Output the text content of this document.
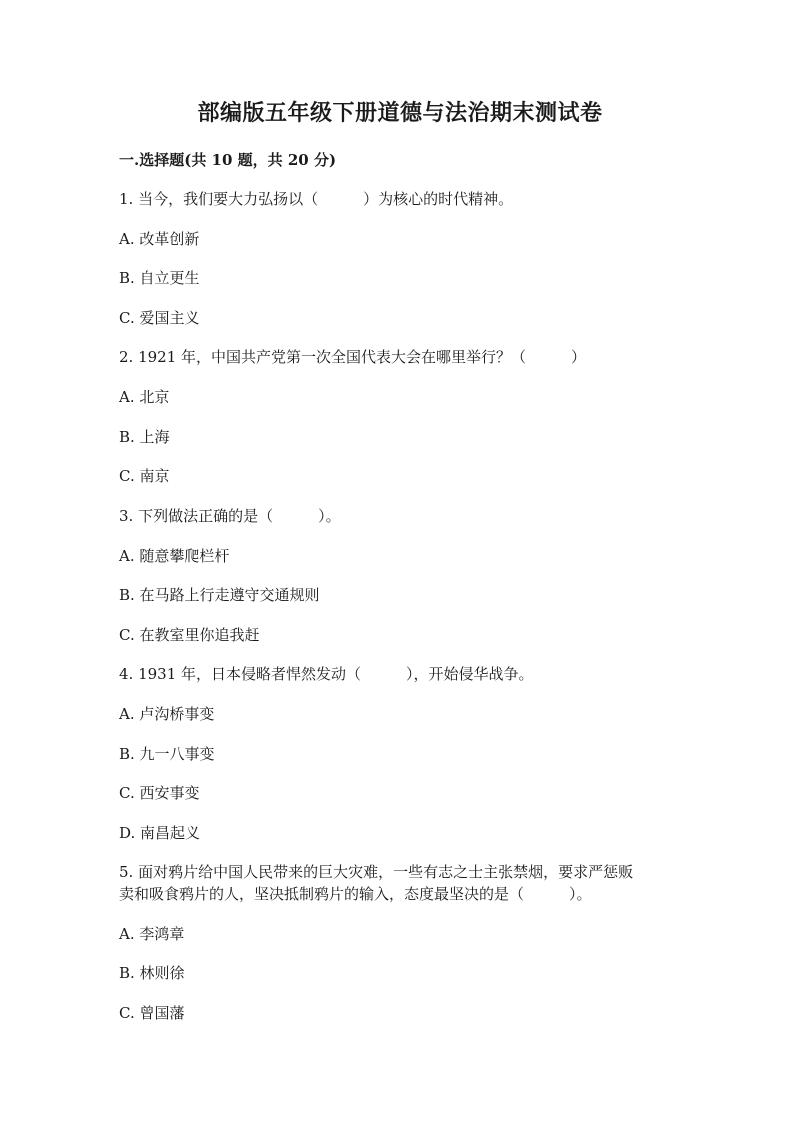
部编版五年级下册道德与法治期末测试卷
一.选择题(共 10 题，共 20 分)
1. 当今，我们要大力弘扬以（　　　）为核心的时代精神。
A. 改革创新
B. 自立更生
C. 爱国主义
2. 1921 年，中国共产党第一次全国代表大会在哪里举行？（　　　）
A. 北京
B. 上海
C. 南京
3. 下列做法正确的是（　　　）。
A. 随意攀爬栏杆
B. 在马路上行走遵守交通规则
C. 在教室里你追我赶
4. 1931 年，日本侵略者悍然发动（　　　），开始侵华战争。
A. 卢沟桥事变
B. 九一八事变
C. 西安事变
D. 南昌起义
5. 面对鸦片给中国人民带来的巨大灾难，一些有志之士主张禁烟，要求严惩贩
卖和吸食鸦片的人，坚决抵制鸦片的输入，态度最坚决的是（　　　）。
A. 李鸿章
B. 林则徐
C. 曾国藩
